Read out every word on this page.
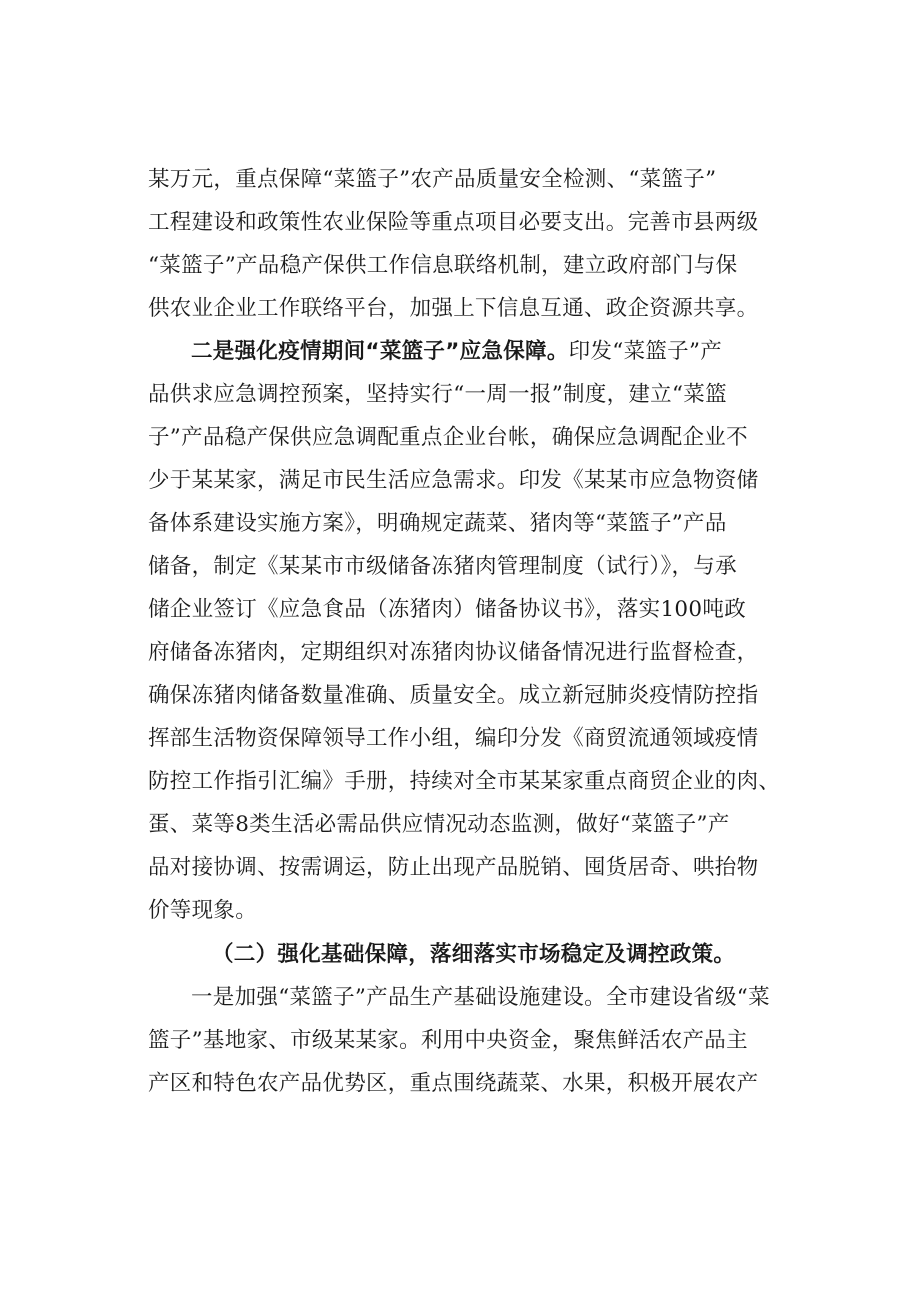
某万元，重点保障“菜篮子”农产品质量安全检测、“菜篮子”
工程建设和政策性农业保险等重点项目必要支出。完善市县两级
“菜篮子”产品稳产保供工作信息联络机制，建立政府部门与保
供农业企业工作联络平台，加强上下信息互通、政企资源共享。
二是强化疫情期间“菜篮子”应急保障。印发“菜篮子”产
品供求应急调控预案，坚持实行“一周一报”制度，建立“菜篮
子”产品稳产保供应急调配重点企业台帐，确保应急调配企业不
少于某某家，满足市民生活应急需求。印发《某某市应急物资储
备体系建设实施方案》，明确规定蔬菜、猪肉等“菜篮子”产品
储备，制定《某某市市级储备冻猪肉管理制度（试行）》，与承
储企业签订《应急食品（冻猪肉）储备协议书》，落实100吨政
府储备冻猪肉，定期组织对冻猪肉协议储备情况进行监督检查，
确保冻猪肉储备数量准确、质量安全。成立新冠肺炎疫情防控指
挥部生活物资保障领导工作小组，编印分发《商贸流通领域疫情
防控工作指引汇编》手册，持续对全市某某家重点商贸企业的肉、
蛋、菜等8类生活必需品供应情况动态监测，做好“菜篮子”产
品对接协调、按需调运，防止出现产品脱销、囤货居奇、哄抬物
价等现象。
（二）强化基础保障，落细落实市场稳定及调控政策。
一是加强“菜篮子”产品生产基础设施建设。全市建设省级“菜
篮子”基地家、市级某某家。利用中央资金，聚焦鲜活农产品主
产区和特色农产品优势区，重点围绕蔬菜、水果，积极开展农产
